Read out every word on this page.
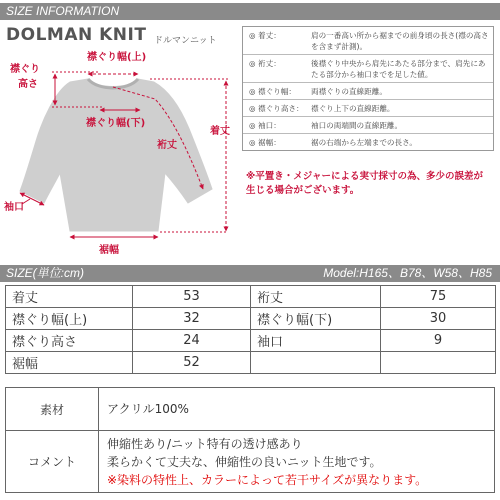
SIZE INFORMATION
DOLMAN KNIT ドルマンニット
襟ぐり幅(上)
襟ぐり
高さ
襟ぐり幅(下)
着丈
裄丈
袖口
裾幅
◎ 着丈：	肩の一番高い所から裾までの前身頃の長さ(襟の高さを含まず計測)。
◎ 裄丈：	後襟ぐり中央から肩先にあたる部分まで、肩先にあたる部分から袖口までを足した値。
◎ 襟ぐり幅：	両襟ぐりの直線距離。
◎ 襟ぐり高さ： 襟ぐり上下の直線距離。
◎ 袖口：	袖口の両端間の直線距離。
◎ 裾幅：	裾の右端から左端までの長さ。
※平置き・メジャーによる実寸採寸の為、多少の誤差が生じる場合がございます。
SIZE(単位:cm)	Model:H165、B78、W58、H85
着丈	53	裄丈	75
襟ぐり幅(上)	32	襟ぐり幅(下)	30
襟ぐり高さ	24	袖口	9
裾幅	52		
素材	アクリル100%
コメント	伸縮性あり/ニット特有の透け感あり
柔らかくて丈夫な、伸縮性の良いニット生地です。
※染料の特性上、カラーによって若干サイズが異なります。
